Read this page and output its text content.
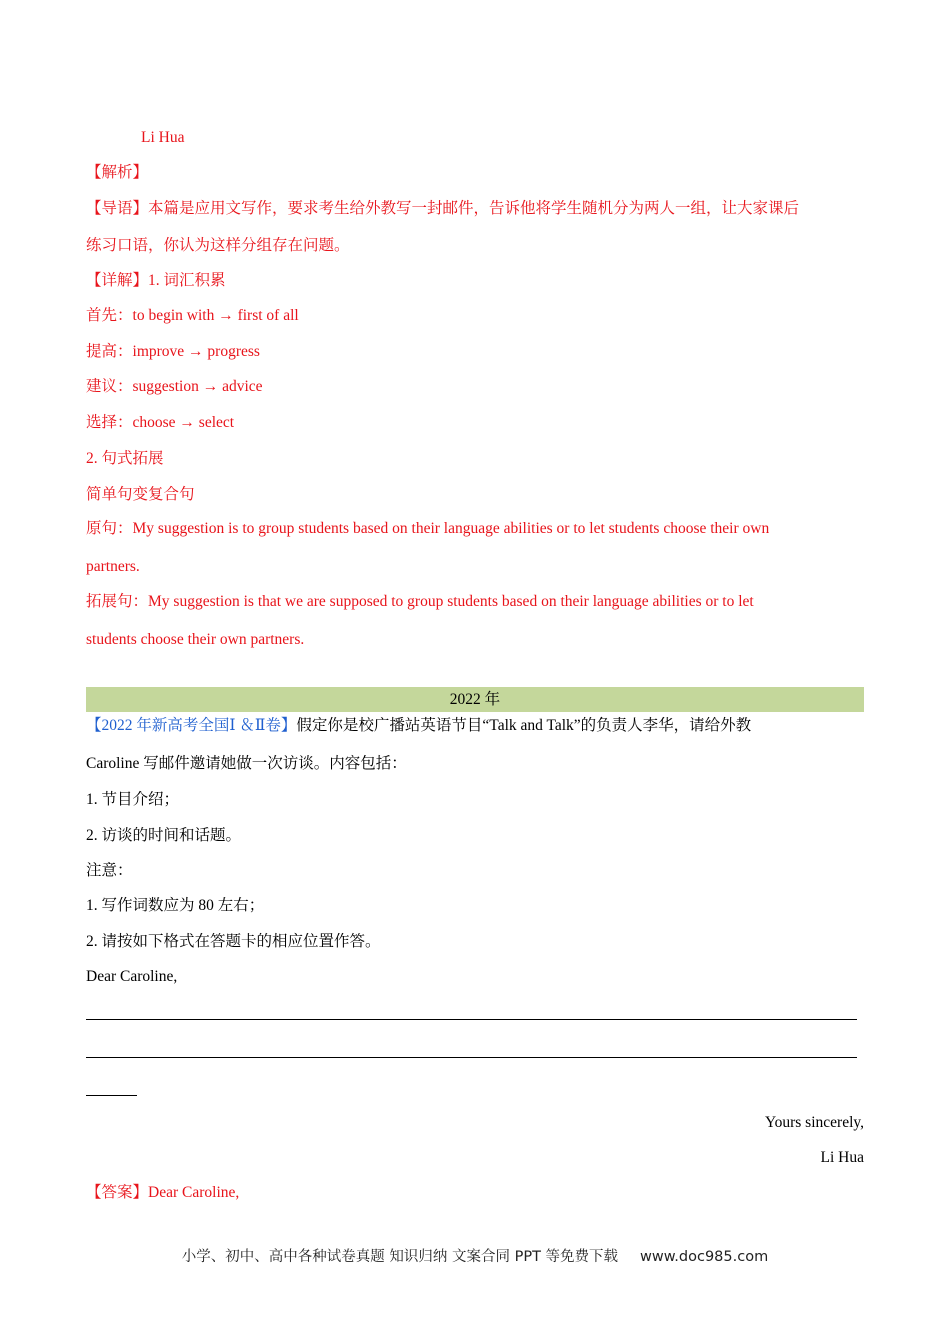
Li Hua
【解析】
【导语】本篇是应用文写作，要求考生给外教写一封邮件，告诉他将学生随机分为两人一组，让大家课后
练习口语，你认为这样分组存在问题。
【详解】1. 词汇积累
首先：to begin with → first of all
提高：improve → progress
建议：suggestion → advice
选择：choose → select
2. 句式拓展
简单句变复合句
原句：My suggestion is to group students based on their language abilities or to let students choose their own
partners.
拓展句：My suggestion is that we are supposed to group students based on their language abilities or to let
students choose their own partners.
2022 年
【2022 年新高考全国Ⅰ ＆Ⅱ卷】假定你是校广播站英语节目“Talk and Talk”的负责人李华，请给外教
Caroline 写邮件邀请她做一次访谈。内容包括：
1. 节目介绍；
2. 访谈的时间和话题。
注意：
1. 写作词数应为 80 左右；
2. 请按如下格式在答题卡的相应位置作答。
Dear Caroline,
Yours sincerely,
Li Hua
【答案】Dear Caroline,
小学、初中、高中各种试卷真题 知识归纳 文案合同 PPT 等免费下载 www.doc985.com
